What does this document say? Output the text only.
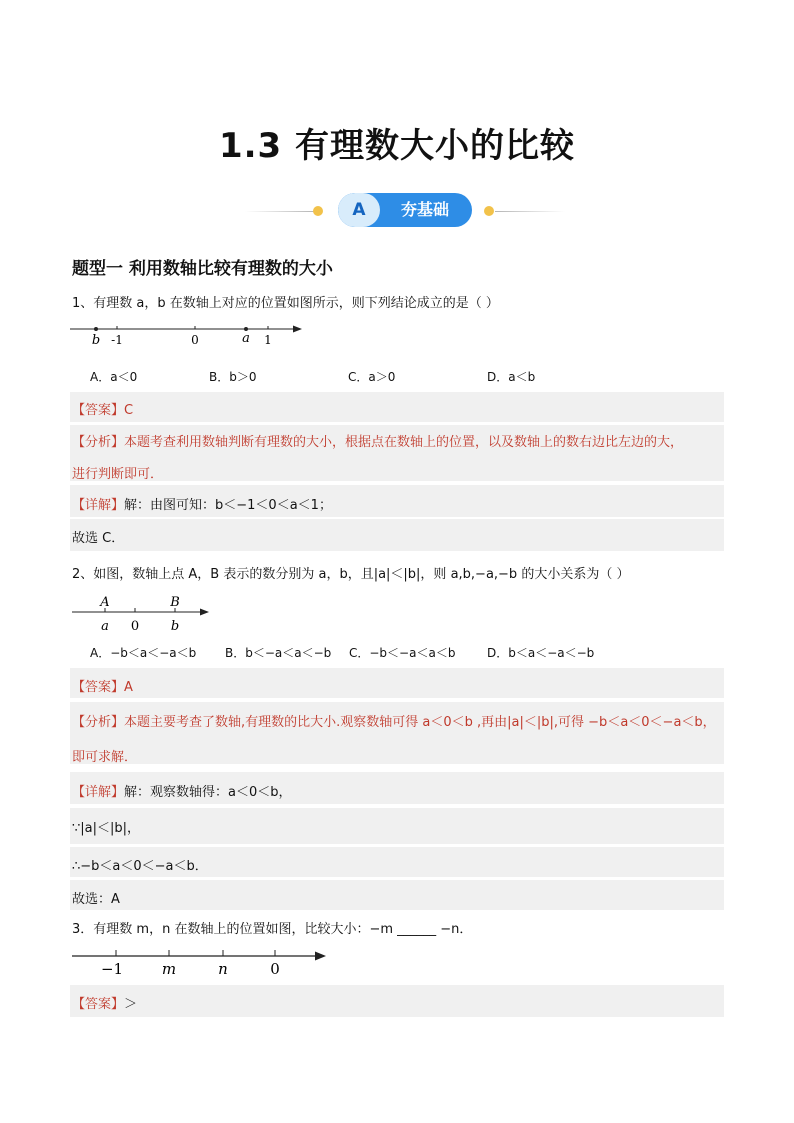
1.3 有理数大小的比较
A	夯基础
题型一 利用数轴比较有理数的大小
1、有理数 a，b 在数轴上对应的位置如图所示，则下列结论成立的是（ ）
b -1	0	a 1
A．a＜0	B．b＞0	C．a＞0	D．a＜b
【答案】C
【分析】本题考查利用数轴判断有理数的大小，根据点在数轴上的位置，以及数轴上的数右边比左边的大，
进行判断即可．
【详解】解：由图可知：b＜−1＜0＜a＜1；
故选 C．
2、如图，数轴上点 A，B 表示的数分别为 a，b，且|a|＜|b|，则 a,b,−a,−b 的大小关系为（ ）
A	B
a 0 b
A．−b＜a＜−a＜b B．b＜−a＜a＜−b C．−b＜−a＜a＜b	D．b＜a＜−a＜−b
【答案】A
【分析】本题主要考查了数轴,有理数的比大小.观察数轴可得 a＜0＜b ,再由|a|＜|b|,可得 −b＜a＜0＜−a＜b，
即可求解．
【详解】解：观察数轴得：a＜0＜b，
∵|a|＜|b|，
∴−b＜a＜0＜−a＜b．
故选：A
3．有理数 m，n 在数轴上的位置如图，比较大小：−m ______ −n．
−1	m	n	0
【答案】＞
